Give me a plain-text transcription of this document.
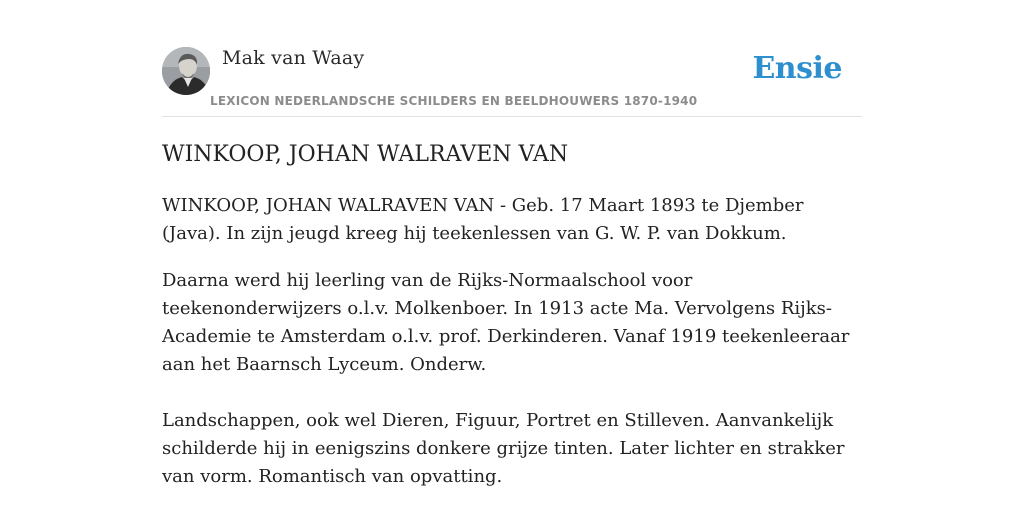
Mak van Waay
LEXICON NEDERLANDSCHE SCHILDERS EN BEELDHOUWERS 1870-1940
Ensie
WINKOOP, JOHAN WALRAVEN VAN

WINKOOP, JOHAN WALRAVEN VAN - Geb. 17 Maart 1893 te Djember (Java). In zijn jeugd kreeg hij teekenlessen van G. W. P. van Dokkum.

Daarna werd hij leerling van de Rijks-Normaalschool voor teekenonderwijzers o.l.v. Molkenboer. In 1913 acte Ma. Vervolgens Rijks-Academie te Amsterdam o.l.v. prof. Derkinderen. Vanaf 1919 teekenleeraar aan het Baarnsch Lyceum. Onderw.

Landschappen, ook wel Dieren, Figuur, Portret en Stilleven. Aanvankelijk schilderde hij in eenigszins donkere grijze tinten. Later lichter en strakker van vorm. Romantisch van opvatting.
